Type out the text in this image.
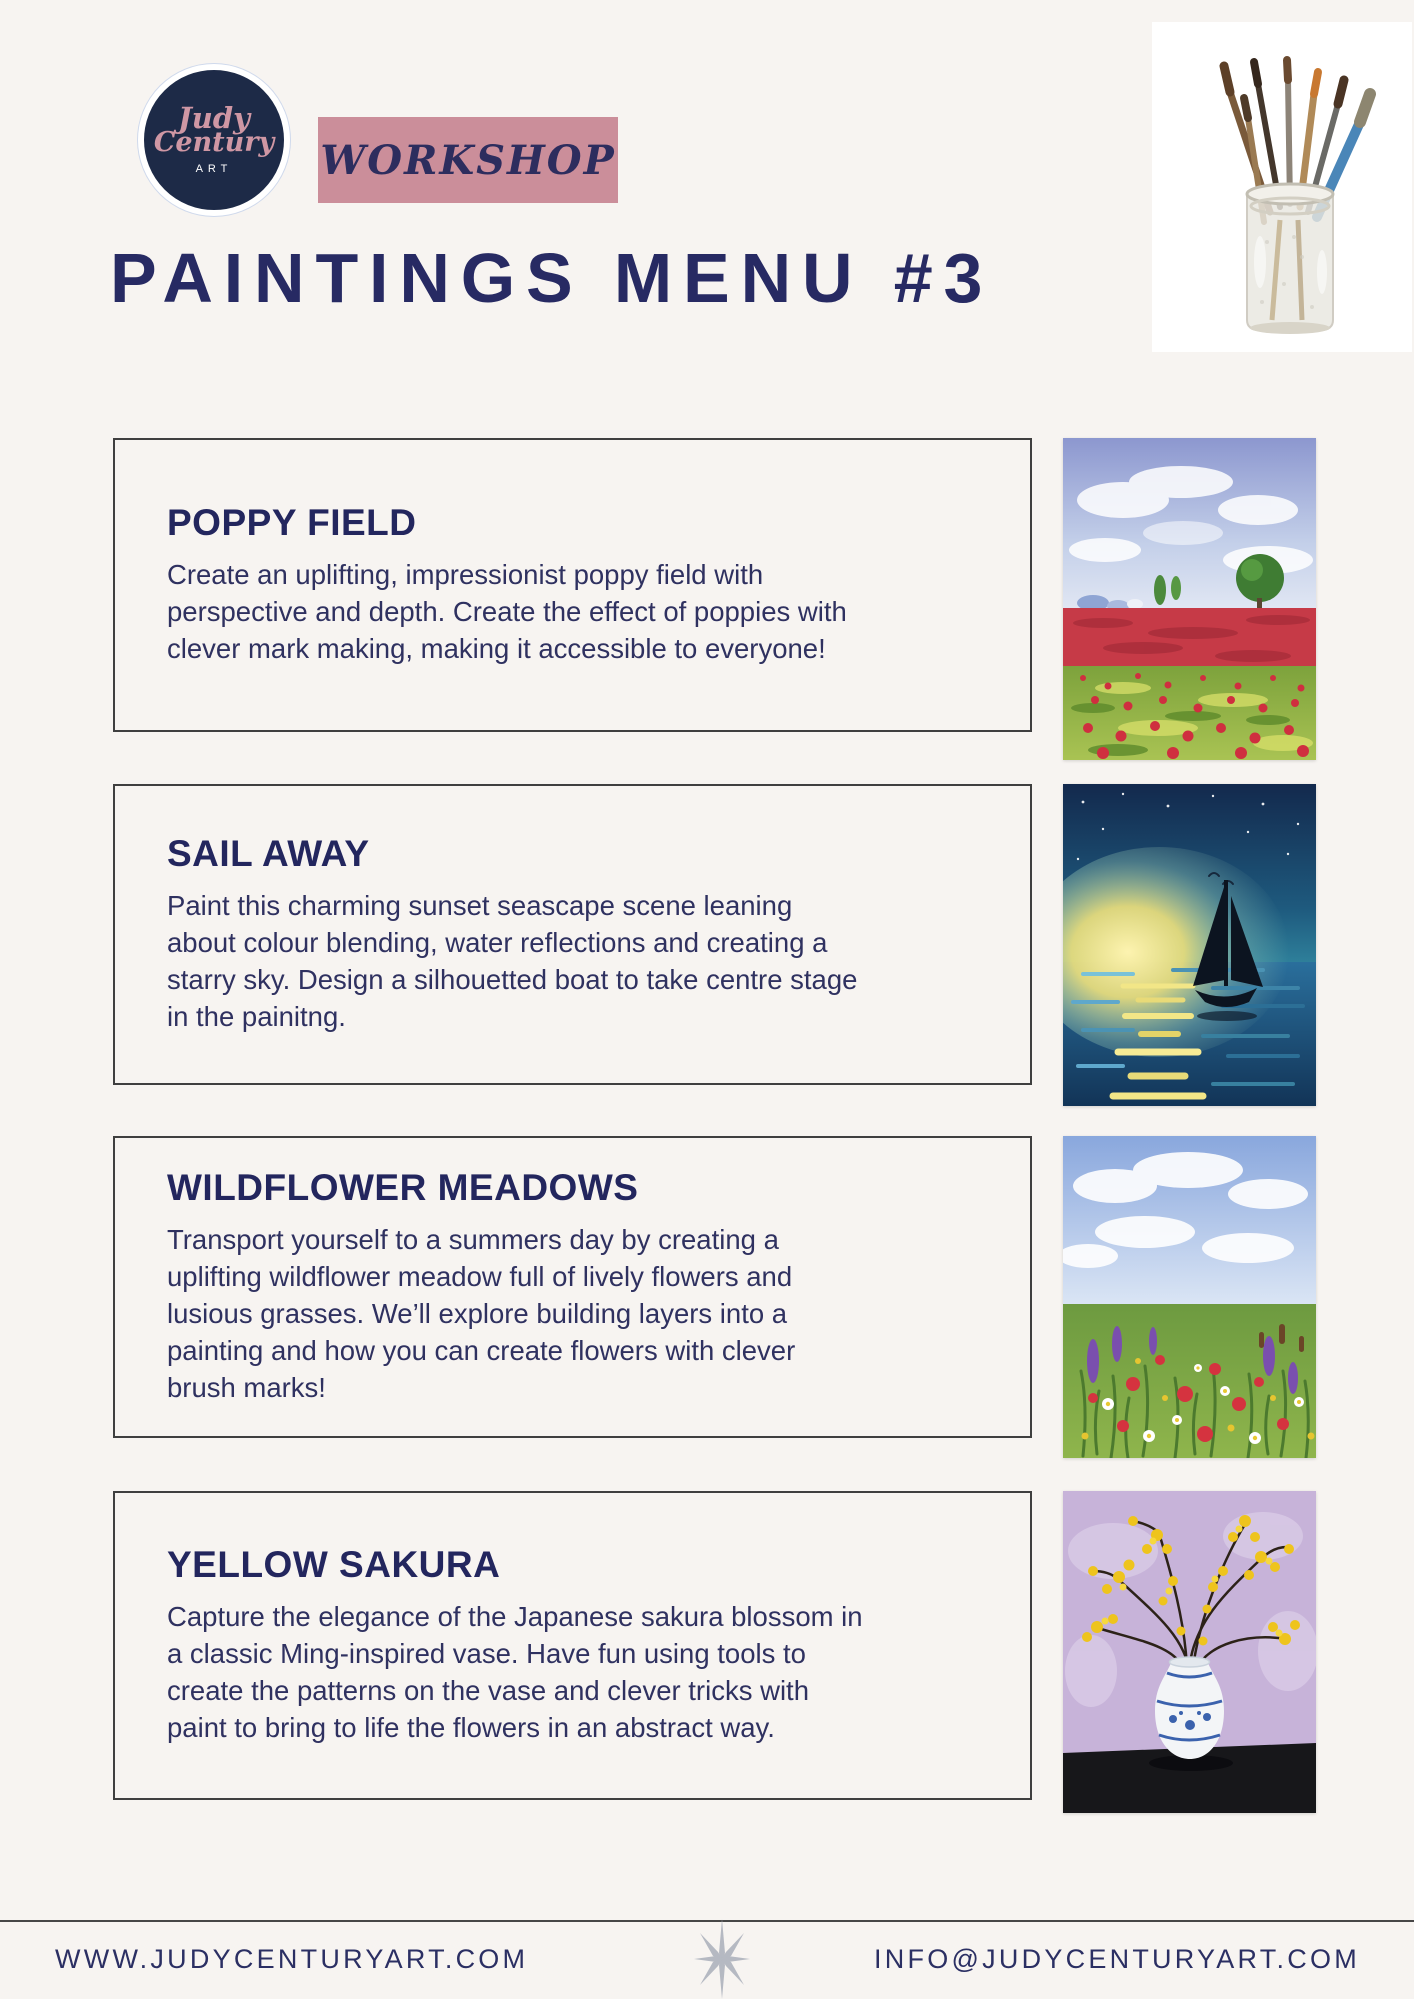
Judy
Century
ART WORKSHOP
PAINTINGS MENU #3
POPPY FIELD

Create an uplifting, impressionist poppy field with perspective and depth. Create the effect of poppies with clever mark making, making it accessible to everyone!

SAIL AWAY

Paint this charming sunset seascape scene leaning about colour blending, water reflections and creating a starry sky. Design a silhouetted boat to take centre stage in the painitng.

WILDFLOWER MEADOWS

Transport yourself to a summers day by creating a uplifting wildflower meadow full of lively flowers and lusious grasses. We’ll explore building layers into a painting and how you can create flowers with clever brush marks!

YELLOW SAKURA

Capture the elegance of the Japanese sakura blossom in a classic Ming-inspired vase. Have fun using tools to create the patterns on the vase and clever tricks with paint to bring to life the flowers in an abstract way.

WWW.JUDYCENTURYART.COM	INFO@JUDYCENTURYART.COM
